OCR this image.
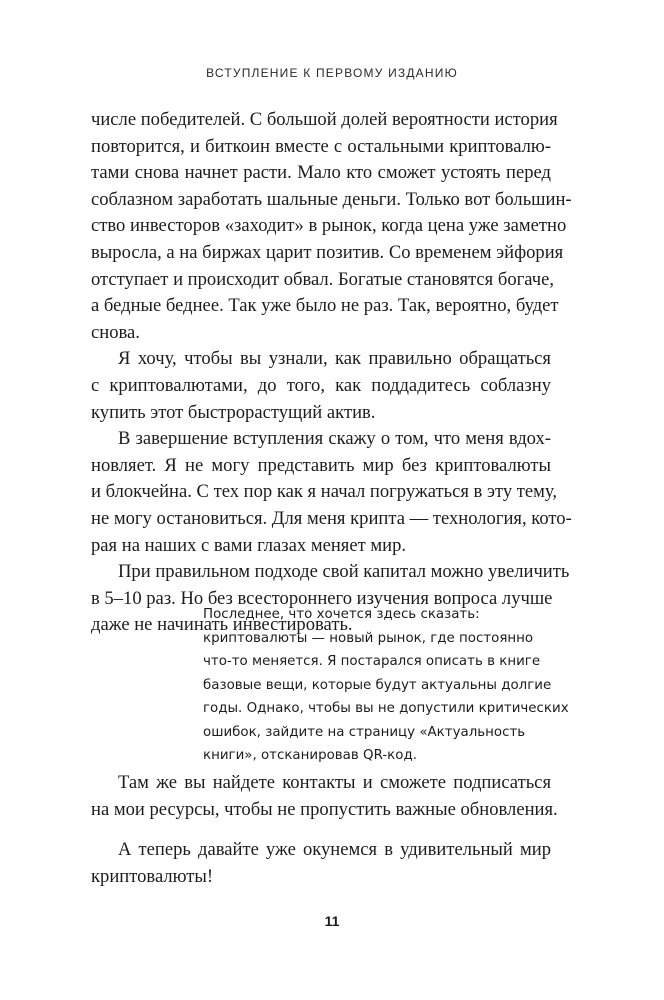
ВСТУПЛЕНИЕ К ПЕРВОМУ ИЗДАНИЮ
числе победителей. С большой долей вероятности история
повторится, и биткоин вместе с остальными криптовалю-
тами снова начнет расти. Мало кто сможет устоять перед
соблазном заработать шальные деньги. Только вот большин-
ство инвесторов «заходит» в рынок, когда цена уже заметно
выросла, а на биржах царит позитив. Со временем эйфория
отступает и происходит обвал. Богатые становятся богаче,
а бедные беднее. Так уже было не раз. Так, вероятно, будет
снова.
Я хочу, чтобы вы узнали, как правильно обращаться
с криптовалютами, до того, как поддадитесь соблазну
купить этот быстрорастущий актив.
В завершение вступления скажу о том, что меня вдох-
новляет. Я не могу представить мир без криптовалюты
и блокчейна. С тех пор как я начал погружаться в эту тему,
не могу остановиться. Для меня крипта — технология, кото-
рая на наших с вами глазах меняет мир.
При правильном подходе свой капитал можно увеличить
в 5–10 раз. Но без всестороннего изучения вопроса лучше
даже не начинать инвестировать.
Последнее, что хочется здесь сказать:
криптовалюты — новый рынок, где постоянно
что-то меняется. Я постарался описать в книге
базовые вещи, которые будут актуальны долгие
годы. Однако, чтобы вы не допустили критических
ошибок, зайдите на страницу «Актуальность
книги», отсканировав QR-код.
Там же вы найдете контакты и сможете подписаться
на мои ресурсы, чтобы не пропустить важные обновления.
А теперь давайте уже окунемся в удивительный мир
криптовалюты!
11
